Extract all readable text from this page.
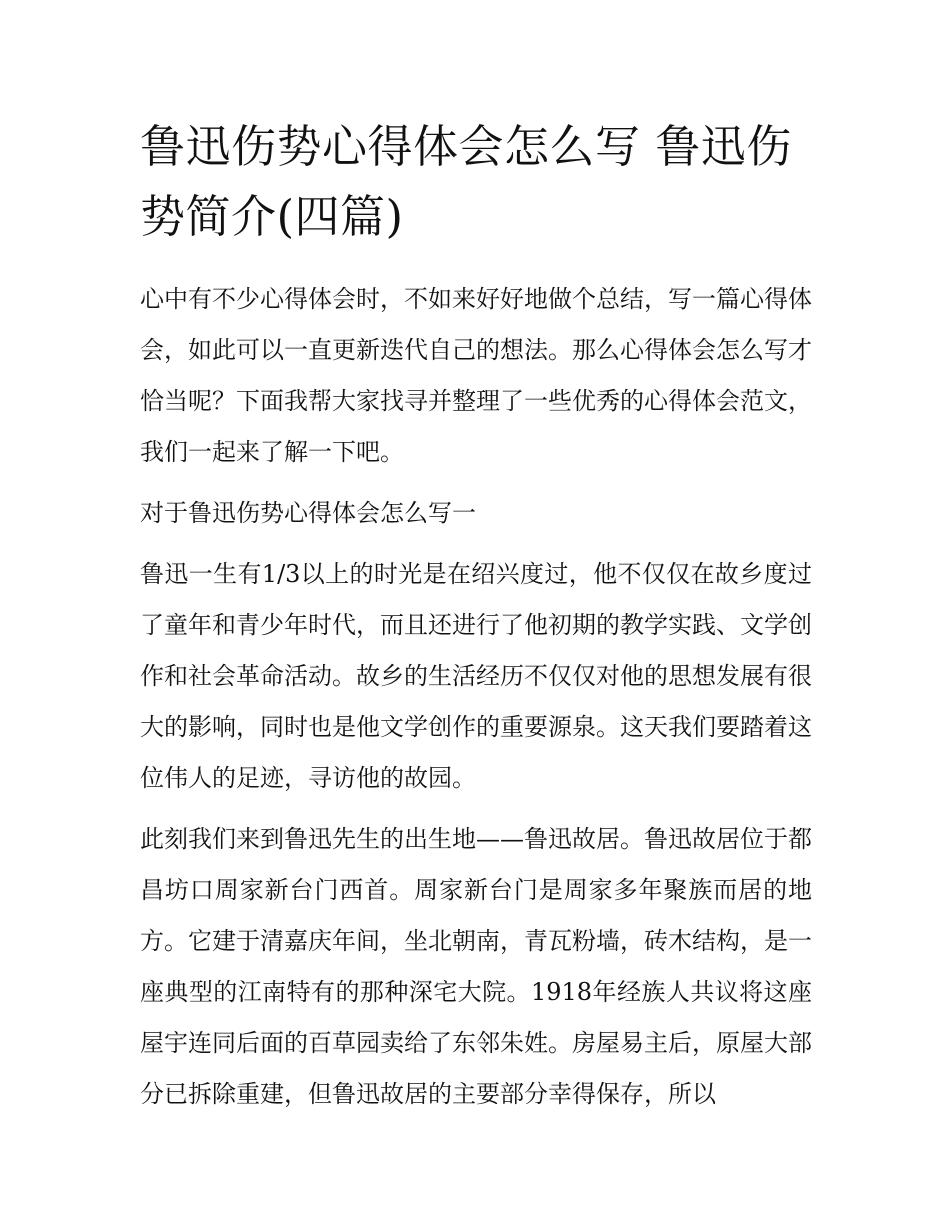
鲁迅伤势心得体会怎么写 鲁迅伤势简介(四篇)

心中有不少心得体会时，不如来好好地做个总结，写一篇心得体会，如此可以一直更新迭代自己的想法。那么心得体会怎么写才恰当呢？下面我帮大家找寻并整理了一些优秀的心得体会范文，我们一起来了解一下吧。

对于鲁迅伤势心得体会怎么写一

鲁迅一生有1/3以上的时光是在绍兴度过，他不仅仅在故乡度过了童年和青少年时代，而且还进行了他初期的教学实践、文学创作和社会革命活动。故乡的生活经历不仅仅对他的思想发展有很大的影响，同时也是他文学创作的重要源泉。这天我们要踏着这位伟人的足迹，寻访他的故园。

此刻我们来到鲁迅先生的出生地——鲁迅故居。鲁迅故居位于都昌坊口周家新台门西首。周家新台门是周家多年聚族而居的地方。它建于清嘉庆年间，坐北朝南，青瓦粉墙，砖木结构，是一座典型的江南特有的那种深宅大院。1918年经族人共议将这座屋宇连同后面的百草园卖给了东邻朱姓。房屋易主后，原屋大部分已拆除重建，但鲁迅故居的主要部分幸得保存，所以
